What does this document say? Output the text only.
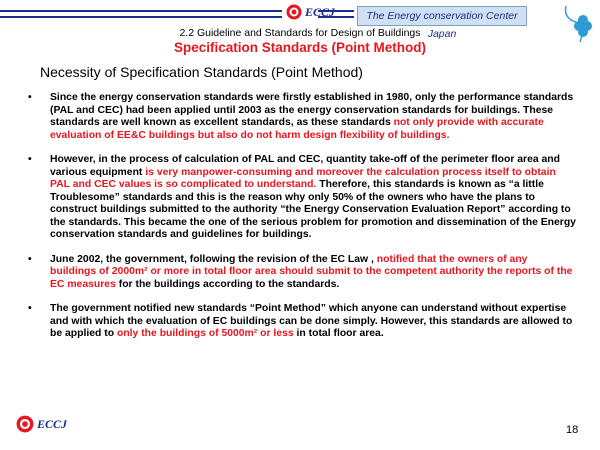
ECCJ	The Energy conservation Center Japan
2.2 Guideline and Standards for Design of Buildings
Specification Standards (Point Method)
Necessity of Specification Standards (Point Method)
• Since the energy conservation standards were firstly established in 1980, only the performance standards (PAL and CEC) had been applied until 2003 as the energy conservation standards for buildings. These standards are well known as excellent standards, as these standards not only provide with accurate evaluation of EE&C buildings but also do not harm design flexibility of buildings.
• However, in the process of calculation of PAL and CEC, quantity take-off of the perimeter floor area and various equipment is very manpower-consuming and moreover the calculation process itself to obtain PAL and CEC values is so complicated to understand. Therefore, this standards is known as “a little Troublesome” standards and this is the reason why only 50% of the owners who have the plans to construct buildings submitted to the authority “the Energy Conservation Evaluation Report” according to the standards. This became the one of the serious problem for promotion and dissemination of the Energy conservation standards and guidelines for buildings.
• June 2002, the government, following the revision of the EC Law , notified that the owners of any buildings of 2000m² or more in total floor area should submit to the competent authority the reports of the EC measures for the buildings according to the standards.
• The government notified new standards “Point Method” which anyone can understand without expertise and with which the evaluation of EC buildings can be done simply. However, this standards are allowed to be applied to only the buildings of 5000m² or less in total floor area.
ECCJ	18
